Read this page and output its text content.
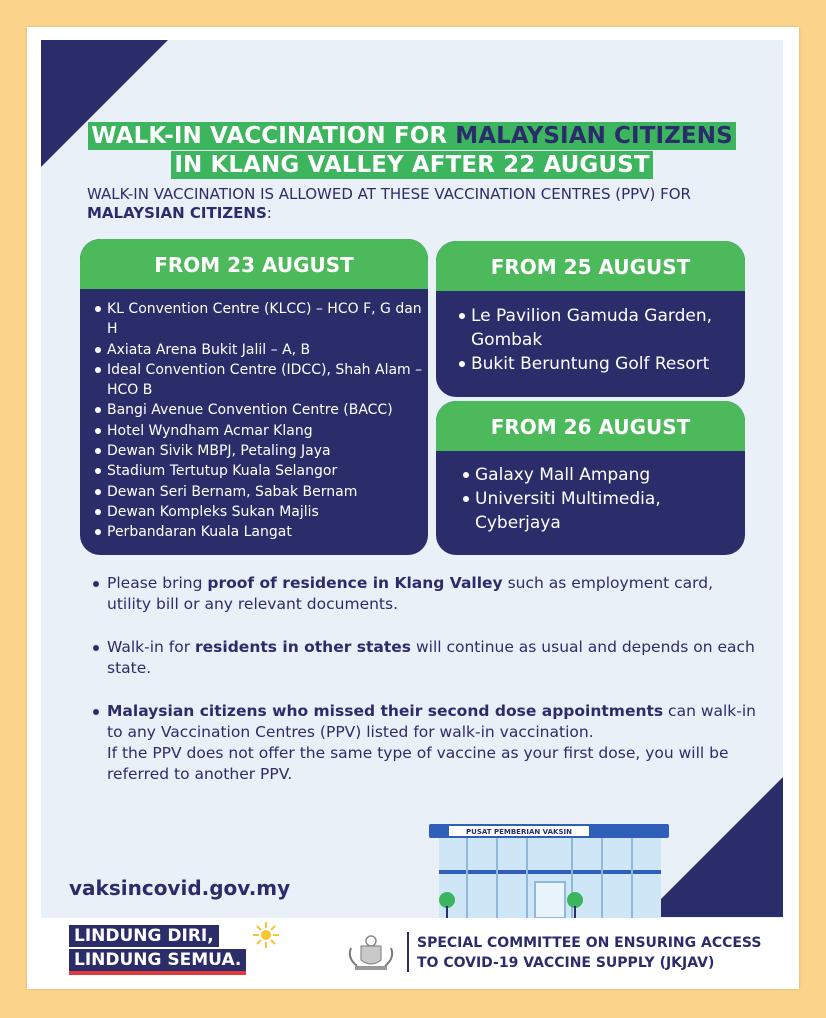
WALK-IN VACCINATION FOR MALAYSIAN CITIZENS
IN KLANG VALLEY AFTER 22 AUGUST
WALK-IN VACCINATION IS ALLOWED AT THESE VACCINATION CENTRES (PPV) FOR MALAYSIAN CITIZENS:
FROM 23 AUGUST
KL Convention Centre (KLCC) – HCO F, G dan H
Axiata Arena Bukit Jalil – A, B
Ideal Convention Centre (IDCC), Shah Alam – HCO B
Bangi Avenue Convention Centre (BACC)
Hotel Wyndham Acmar Klang
Dewan Sivik MBPJ, Petaling Jaya
Stadium Tertutup Kuala Selangor
Dewan Seri Bernam, Sabak Bernam
Dewan Kompleks Sukan Majlis
Perbandaran Kuala Langat
FROM 25 AUGUST
Le Pavilion Gamuda Garden, Gombak
Bukit Beruntung Golf Resort
FROM 26 AUGUST
Galaxy Mall Ampang
Universiti Multimedia, Cyberjaya
Please bring proof of residence in Klang Valley such as employment card, utility bill or any relevant documents.
Walk-in for residents in other states will continue as usual and depends on each state.
Malaysian citizens who missed their second dose appointments can walk-in to any Vaccination Centres (PPV) listed for walk-in vaccination.
If the PPV does not offer the same type of vaccine as your first dose, you will be referred to another PPV.
vaksincovid.gov.my
PUSAT PEMBERIAN VAKSIN
LINDUNG DIRI,
LINDUNG SEMUA.
SPECIAL COMMITTEE ON ENSURING ACCESS
TO COVID-19 VACCINE SUPPLY (JKJAV)
